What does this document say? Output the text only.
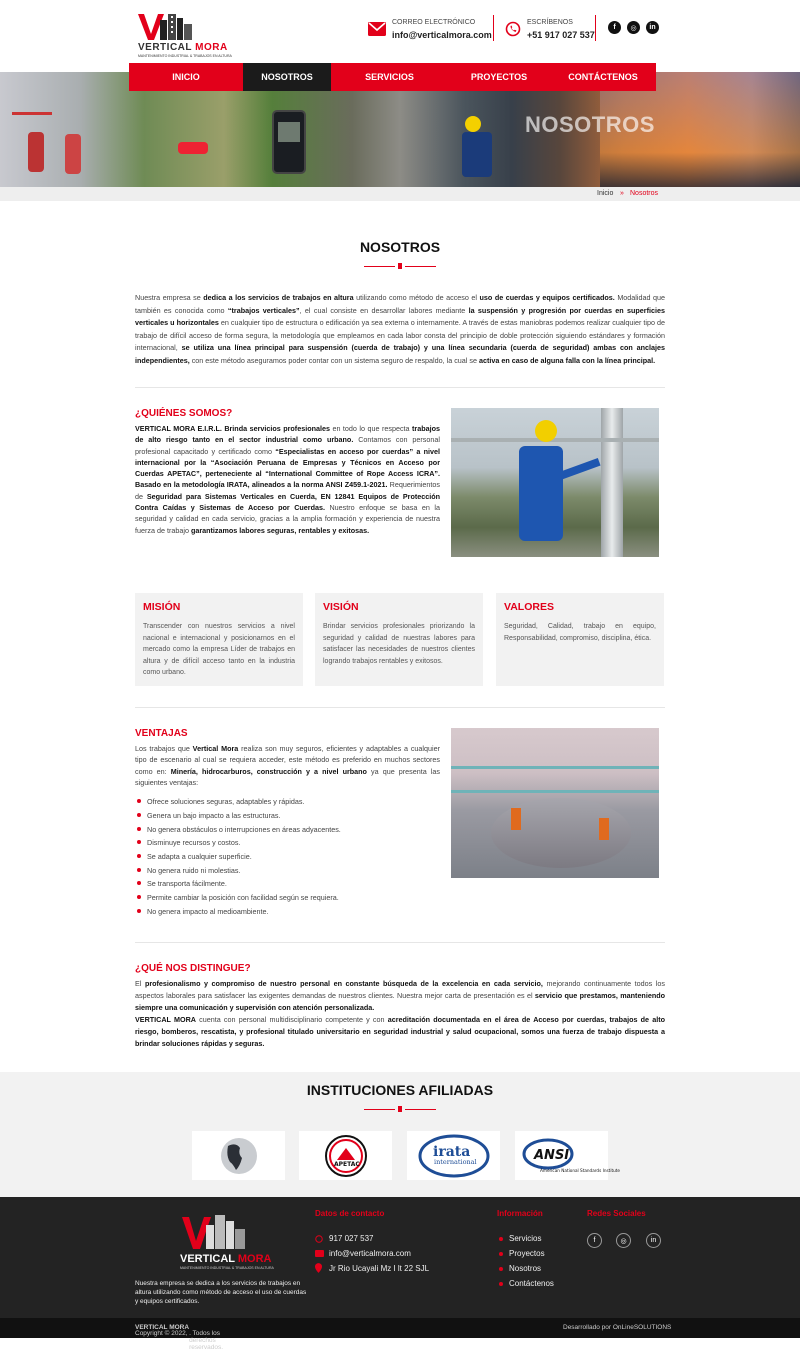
VERTICAL MORA
MANTENIMIENTO INDUSTRIAL & TRABAJOS EN ALTURA
CORREO ELECTRÓNICO
info@verticalmora.com
ESCRÍBENOS
+51 917 027 537
f	◎	in
NOSOTROS
INICIO	NOSOTROS	SERVICIOS	PROYECTOS	CONTÁCTENOS
Inicio » Nosotros
NOSOTROS

Nuestra empresa se dedica a los servicios de trabajos en altura utilizando como método de acceso el uso de cuerdas y equipos certificados. Modalidad que también es conocida como “trabajos verticales”, el cual consiste en desarrollar labores mediante la suspensión y progresión por cuerdas en superficies verticales u horizontales en cualquier tipo de estructura o edificación ya sea externa o internamente. A través de estas maniobras podemos realizar cualquier tipo de trabajo de difícil acceso de forma segura, la metodología que empleamos en cada labor consta del principio de doble protección siguiendo estándares y formación internacional, se utiliza una línea principal para suspensión (cuerda de trabajo) y una línea secundaria (cuerda de seguridad) ambas con anclajes independientes, con este método aseguramos poder contar con un sistema seguro de respaldo, la cual se activa en caso de alguna falla con la línea principal.

¿QUIÉNES SOMOS?

VERTICAL MORA E.I.R.L. Brinda servicios profesionales en todo lo que respecta trabajos de alto riesgo tanto en el sector industrial como urbano. Contamos con personal profesional capacitado y certificado como “Especialistas en acceso por cuerdas” a nivel internacional por la “Asociación Peruana de Empresas y Técnicos en Acceso por Cuerdas APETAC”, perteneciente al “International Committee of Rope Access ICRA”. Basado en la metodología IRATA, alineados a la norma ANSI Z459.1-2021. Requerimientos de Seguridad para Sistemas Verticales en Cuerda, EN 12841 Equipos de Protección Contra Caídas y Sistemas de Acceso por Cuerdas. Nuestro enfoque se basa en la seguridad y calidad en cada servicio, gracias a la amplia formación y experiencia de nuestra fuerza de trabajo garantizamos labores seguras, rentables y exitosas.

MISIÓN

Transcender con nuestros servicios a nivel nacional e internacional y posicionarnos en el mercado como la empresa Líder de trabajos en altura y de difícil acceso tanto en la industria como urbano.

VISIÓN

Brindar servicios profesionales priorizando la seguridad y calidad de nuestras labores para satisfacer las necesidades de nuestros clientes logrando trabajos rentables y exitosos.

VALORES

Seguridad, Calidad, trabajo en equipo, Responsabilidad, compromiso, disciplina, ética.

VENTAJAS

Los trabajos que Vertical Mora realiza son muy seguros, eficientes y adaptables a cualquier tipo de escenario al cual se requiera acceder, este método es preferido en muchos sectores como en: Minería, hidrocarburos, construcción y a nivel urbano ya que presenta las siguientes ventajas:

Ofrece soluciones seguras, adaptables y rápidas.
Genera un bajo impacto a las estructuras.
No genera obstáculos o interrupciones en áreas adyacentes.
Disminuye recursos y costos.
Se adapta a cualquier superficie.
No genera ruido ni molestias.
Se transporta fácilmente.
Permite cambiar la posición con facilidad según se requiera.
No genera impacto al medioambiente.
¿QUÉ NOS DISTINGUE?

El profesionalismo y compromiso de nuestro personal en constante búsqueda de la excelencia en cada servicio, mejorando continuamente todos los aspectos laborales para satisfacer las exigentes demandas de nuestros clientes. Nuestra mejor carta de presentación es el servicio que prestamos, manteniendo siempre una comunicación y supervisión con atención personalizada.
VERTICAL MORA cuenta con personal multidisciplinario competente y con acreditación documentada en el área de Acceso por cuerdas, trabajos de alto riesgo, bomberos, rescatista, y profesional titulado universitario en seguridad industrial y salud ocupacional, somos una fuerza de trabajo dispuesta a brindar soluciones rápidas y seguras.

INSTITUCIONES AFILIADAS
APETAC
irata
international	ANSI
American National Standards Institute
VERTICAL MORA
MANTENIMIENTO INDUSTRIAL & TRABAJOS EN ALTURA

Nuestra empresa se dedica a los servicios de trabajos en altura utilizando como método de acceso el uso de cuerdas y equipos certificados.

Datos de contacto
917 027 537
info@verticalmora.com
Jr Rio Ucayali Mz I lt 22 SJL
Información
Servicios
Proyectos
Nosotros
Contáctenos
Redes Sociales
f	◎	in
Copyright © 2022,
VERTICAL MORA
. Todos los derechos reservados.
Desarrollado por OnLineSOLUTIONS
